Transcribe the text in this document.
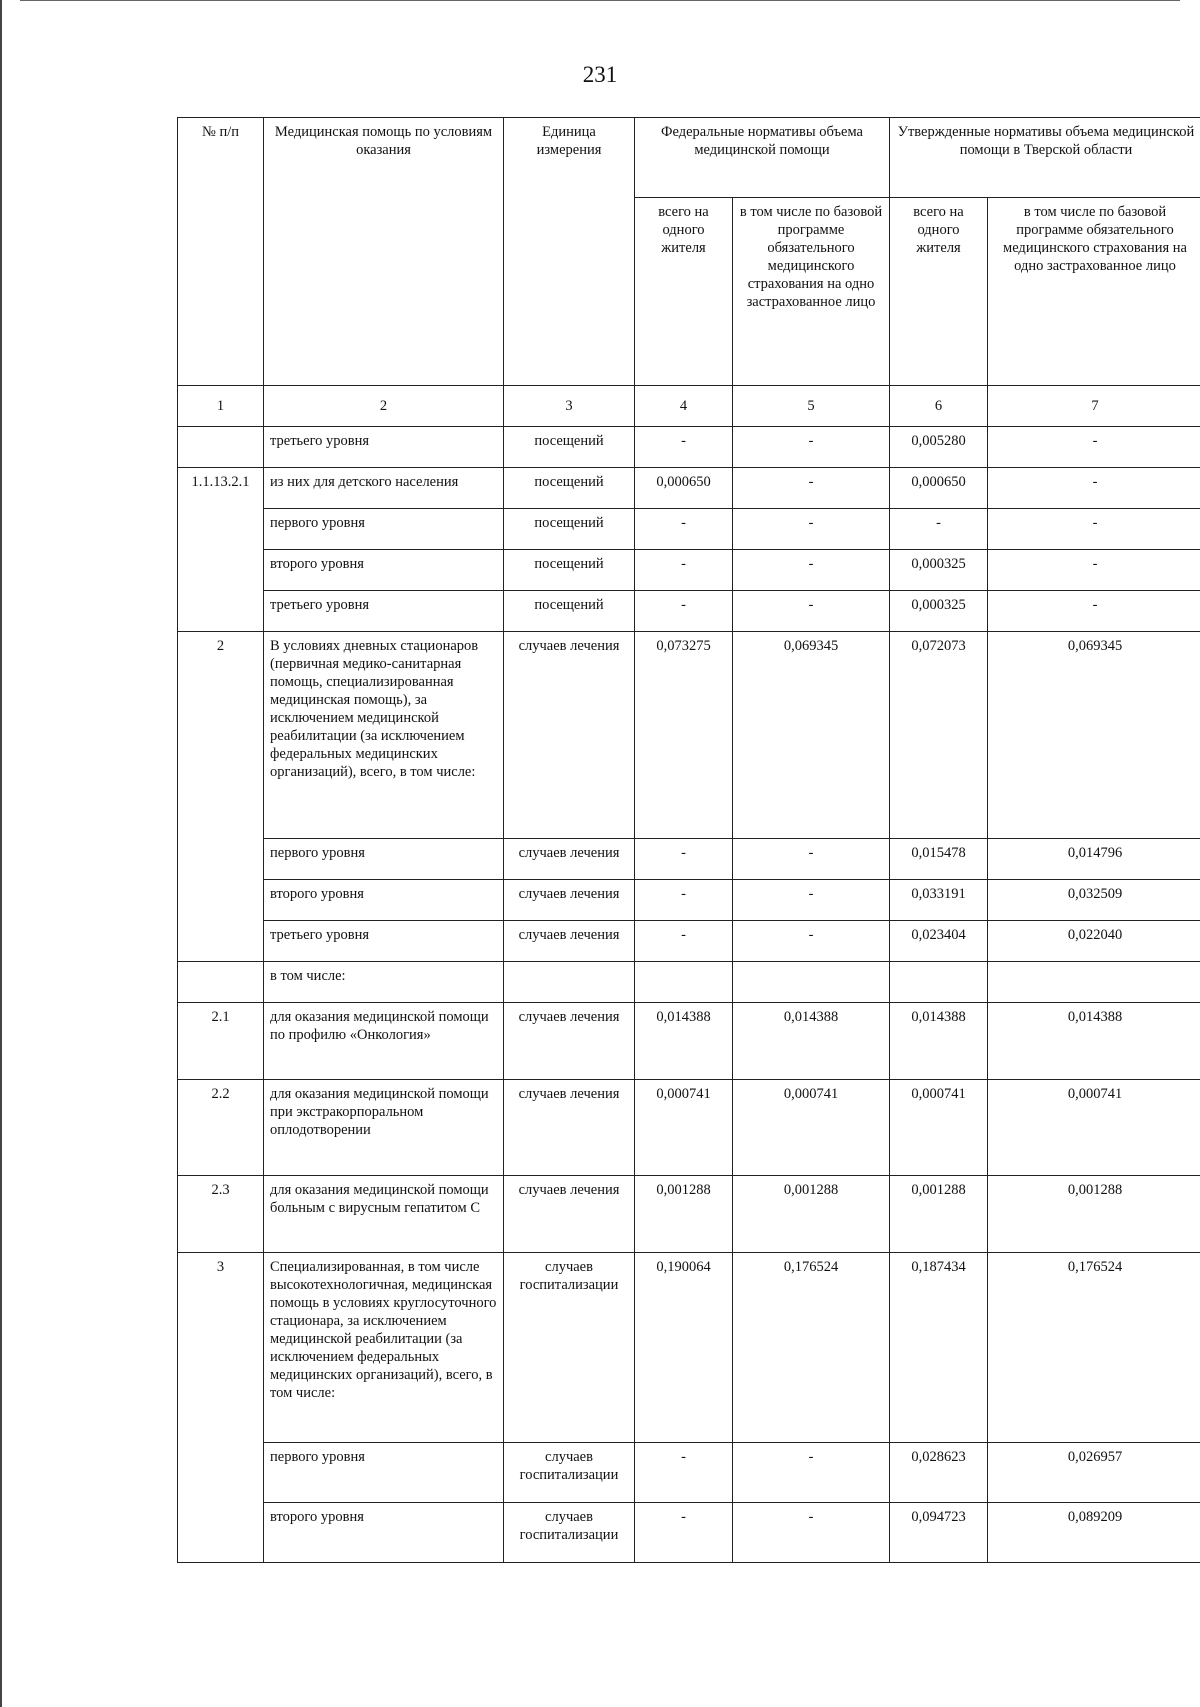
231
№ п/п	Медицинская помощь по условиям оказания	Единица измерения	Федеральные нормативы объема медицинской помощи		Утвержденные нормативы объема медицинской помощи в Тверской области	
			всего на одного жителя	в том числе по базовой программе обязательного медицинского страхования на одно застрахованное лицо	всего на одного жителя	в том числе по базовой программе обязательного медицинского страхования на одно застрахованное лицо
1	2	3	4	5	6	7
	третьего уровня	посещений	-	-	0,005280	-
1.1.13.2.1	из них для детского населения	посещений	0,000650	-	0,000650	-
	первого уровня	посещений	-	-	-	-
	второго уровня	посещений	-	-	0,000325	-
	третьего уровня	посещений	-	-	0,000325	-
2	В условиях дневных стационаров (первичная медико-санитарная помощь, специализированная медицинская помощь), за исключением медицинской реабилитации (за исключением федеральных медицинских организаций), всего, в том числе:	случаев лечения	0,073275	0,069345	0,072073	0,069345
	первого уровня	случаев лечения	-	-	0,015478	0,014796
	второго уровня	случаев лечения	-	-	0,033191	0,032509
	третьего уровня	случаев лечения	-	-	0,023404	0,022040
	в том числе:					
2.1	для оказания медицинской помощи по профилю «Онкология»	случаев лечения	0,014388	0,014388	0,014388	0,014388
2.2	для оказания медицинской помощи при экстракорпоральном оплодотворении	случаев лечения	0,000741	0,000741	0,000741	0,000741
2.3	для оказания медицинской помощи больным с вирусным гепатитом С	случаев лечения	0,001288	0,001288	0,001288	0,001288
3	Специализированная, в том числе высокотехнологичная, медицинская помощь в условиях круглосуточного стационара, за исключением медицинской реабилитации (за исключением федеральных медицинских организаций), всего, в том числе:	случаев госпитализации	0,190064	0,176524	0,187434	0,176524
	первого уровня	случаев госпитализации	-	-	0,028623	0,026957
	второго уровня	случаев госпитализации	-	-	0,094723	0,089209
